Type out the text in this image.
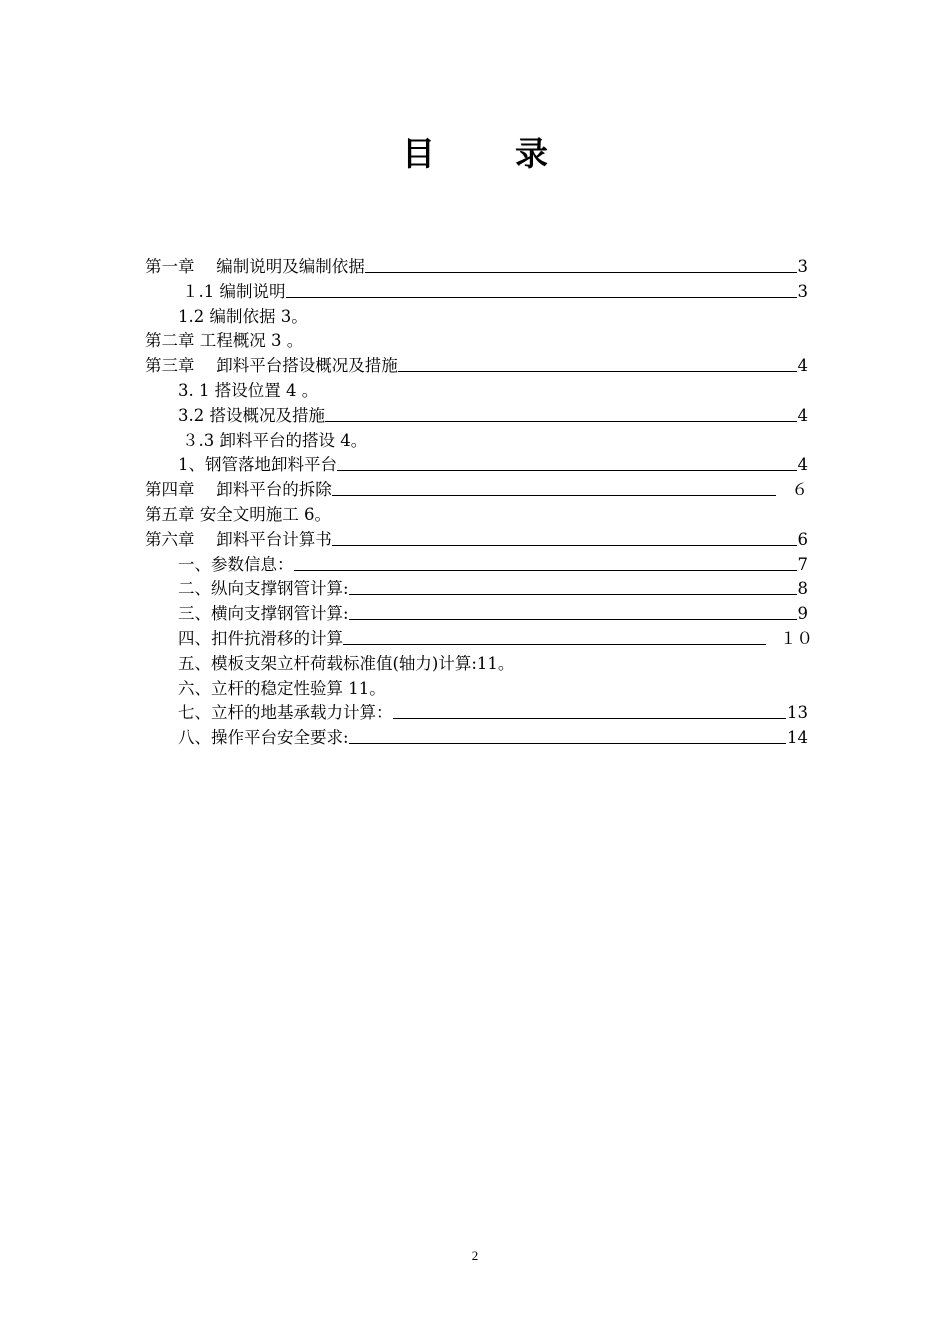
目 录
第一章　 编制说明及编制依据	3
１.1 编制说明	3
1.2 编制依据 3。
第二章 工程概况 3 。
第三章　 卸料平台搭设概况及措施	4
3. 1 搭设位置 4 。
3.2 搭设概况及措施	4
３.3 卸料平台的搭设 4。
1、钢管落地卸料平台	4
第四章　 卸料平台的拆除	６
第五章 安全文明施工 6。
第六章　 卸料平台计算书	6
一、参数信息：	7
二、纵向支撑钢管计算:	8
三、横向支撑钢管计算:	9
四、扣件抗滑移的计算	１０
五、模板支架立杆荷载标准值(轴力)计算:11。
六、立杆的稳定性验算 11。
七、立杆的地基承载力计算：	13
八、操作平台安全要求:	14
2
